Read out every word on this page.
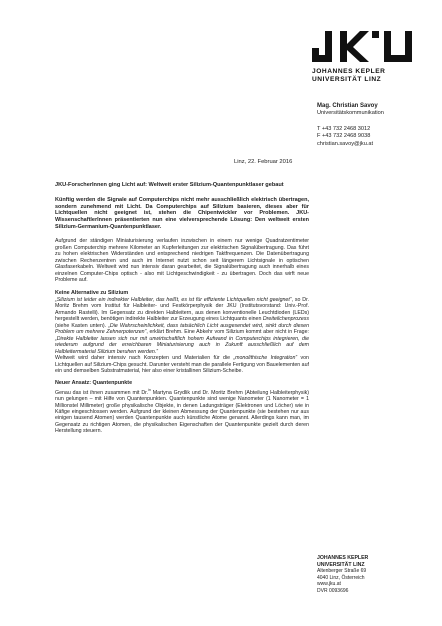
JOHANNES KEPLER
UNIVERSITÄT LINZ
Mag. Christian Savoy
Universitätskommunikation
T +43 732 2468 3012
F +43 732 2468 9038
christian.savoy@jku.at
Linz, 22. Februar 2016

JKU-ForscherInnen ging Licht auf: Weltweit erster Silizium-Quantenpunktlaser gebaut

Künftig werden die Signale auf Computerchips nicht mehr ausschließlich elektrisch übertragen, sondern zunehmend mit Licht. Da Computerchips auf Silizium basieren, dieses aber für Lichtquellen nicht geeignet ist, stehen die Chipentwickler vor Problemen. JKU-WissenschaftlerInnen präsentierten nun eine vielversprechende Lösung: Den weltweit ersten Silizium-Germanium-Quantenpunktlaser.

Aufgrund der ständigen Miniaturisierung verlaufen inzwischen in einem nur wenige Quadratzentimeter großen Computerchip mehrere Kilometer an Kupferleitungen zur elektrischen Signalübertragung. Das führt zu hohen elektrischen Widerständen und entsprechend niedrigen Taktfrequenzen. Die Datenübertragung zwischen Rechenzentren und auch im Internet nutzt schon seit längerem Lichtsignale in optischen Glasfaserkabeln. Weltweit wird nun intensiv daran gearbeitet, die Signalübertragung auch innerhalb eines einzelnen Computer-Chips optisch - also mit Lichtgeschwindigkeit - zu übertragen. Doch das wirft neue Probleme auf.

Keine Alternative zu Silizium

„Silizium ist leider ein indirekter Halbleiter, das heißt, es ist für effiziente Lichtquellen nicht geeignet“, so Dr. Moritz Brehm vom Institut für Halbleiter- und Festkörperphysik der JKU (Institutsvorstand: Univ.-Prof. Armando Rastelli). Im Gegensatz zu direkten Halbleitern, aus denen konventionelle Leuchtdioden (LEDs) hergestellt werden, benötigen indirekte Halbleiter zur Erzeugung eines Lichtquants einen Dreiteilchenprozess (siehe Kasten unten). „Die Wahrscheinlichkeit, dass tatsächlich Licht ausgesendet wird, sinkt durch diesen Problem um mehrere Zehnerpotenzen“, erklärt Brehm. Eine Abkehr vom Silizium kommt aber nicht in Frage: „Direkte Halbleiter lassen sich nur mit unwirtschaftlich hohem Aufwand in Computerchips integrieren, die wiederum aufgrund der erreichbaren Miniaturisierung auch in Zukunft ausschließlich auf dem Halbleitermaterial Silizium beruhen werden.“

Weltweit wird daher intensiv nach Konzepten und Materialien für die „monolithische Integration“ von Lichtquellen auf Silizium-Chips gesucht. Darunter versteht man die parallele Fertigung von Bauelementen auf ein und demselben Substratmaterial, hier also einer kristallinen Silizium-Scheibe.

Neuer Ansatz: Quantenpunkte

Genau das ist ihnen zusammen mit Dr.$^{in}$ Martyna Grydlik und Dr. Moritz Brehm (Abteilung Halbleiterphysik) nun gelungen – mit Hilfe von Quantenpunkten. Quantenpunkte sind wenige Nanometer (1 Nanometer = 1 Millionstel Millimeter) große physikalische Objekte, in denen Ladungsträger (Elektronen und Löcher) wie in Käfige eingeschlossen werden. Aufgrund der kleinen Abmessung der Quantenpunkte (sie bestehen nur aus einigen tausend Atomen) werden Quantenpunkte auch künstliche Atome genannt. Allerdings kann man, im Gegensatz zu richtigen Atomen, die physikalischen Eigenschaften der Quantenpunkte gezielt durch deren Herstellung steuern.

JOHANNES KEPLER
UNIVERSITÄT LINZ
Altenberger Straße 69
4040 Linz, Österreich
www.jku.at
DVR 0093696
